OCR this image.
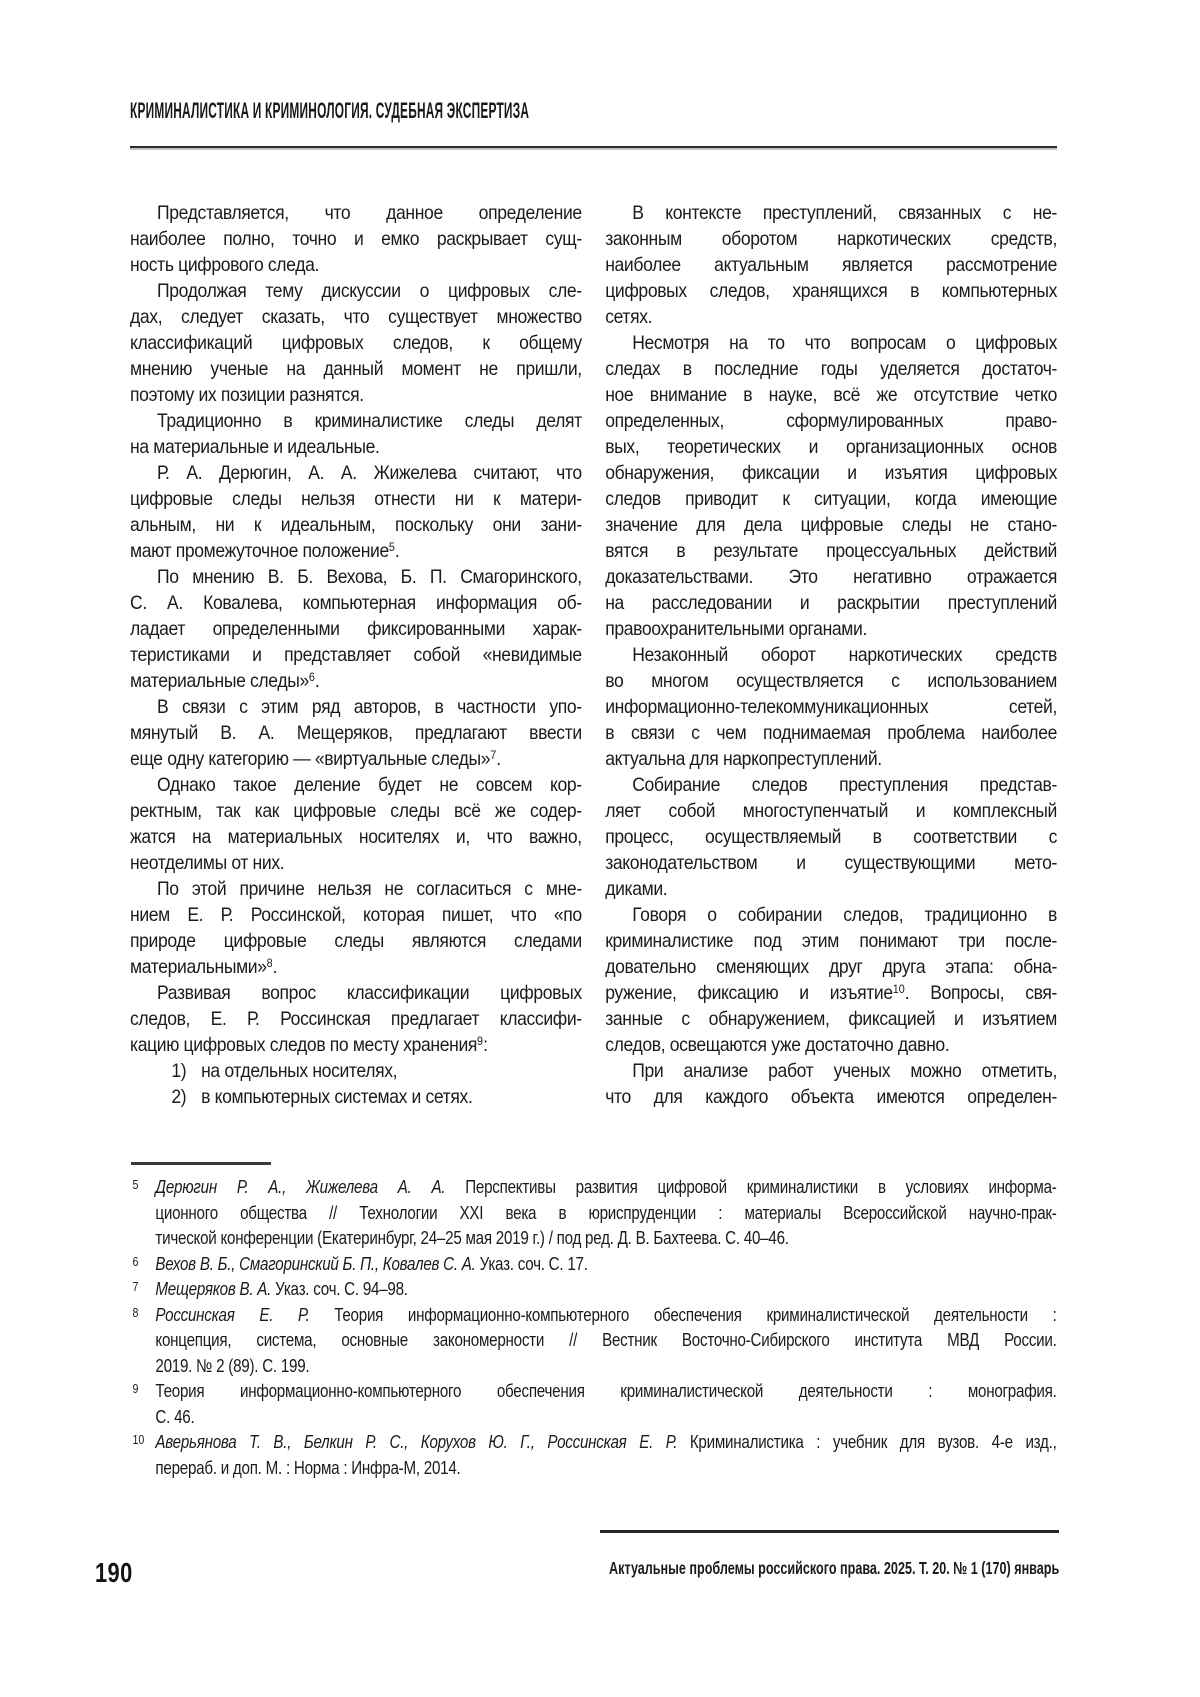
КРИМИНАЛИСТИКА И КРИМИНОЛОГИЯ. СУДЕБНАЯ ЭКСПЕРТИЗА
Представляется, что данное определение
наиболее полно, точно и емко раскрывает сущ-
ность цифрового следа.
Продолжая тему дискуссии о цифровых сле-
дах, следует сказать, что существует множество
классификаций цифровых следов, к общему
мнению ученые на данный момент не пришли,
поэтому их позиции разнятся.
Традиционно в криминалистике следы делят
на материальные и идеальные.
Р. А. Дерюгин, А. А. Жижелева считают, что
цифровые следы нельзя отнести ни к матери-
альным, ни к идеальным, поскольку они зани-
мают промежуточное положение$^5$.
По мнению В. Б. Вехова, Б. П. Смагоринского,
С. А. Ковалева, компьютерная информация об-
ладает определенными фиксированными харак-
теристиками и представляет собой «невидимые
материальные следы»$^6$.
В связи с этим ряд авторов, в частности упо-
мянутый В. А. Мещеряков, предлагают ввести
еще одну категорию — «виртуальные следы»$^7$.
Однако такое деление будет не совсем кор-
ректным, так как цифровые следы всё же содер-
жатся на материальных носителях и, что важно,
неотделимы от них.
По этой причине нельзя не согласиться с мне-
нием Е. Р. Россинской, которая пишет, что «по
природе цифровые следы являются следами
материальными»$^8$.
Развивая вопрос классификации цифровых
следов, Е. Р. Россинская предлагает классифи-
кацию цифровых следов по месту хранения$^9$:
1) на отдельных носителях,
2) в компьютерных системах и сетях.
В контексте преступлений, связанных с не-
законным оборотом наркотических средств,
наиболее актуальным является рассмотрение
цифровых следов, хранящихся в компьютерных
сетях.
Несмотря на то что вопросам о цифровых
следах в последние годы уделяется достаточ-
ное внимание в науке, всё же отсутствие четко
определенных, сформулированных право-
вых, теоретических и организационных основ
обнаружения, фиксации и изъятия цифровых
следов приводит к ситуации, когда имеющие
значение для дела цифровые следы не стано-
вятся в результате процессуальных действий
доказательствами. Это негативно отражается
на расследовании и раскрытии преступлений
правоохранительными органами.
Незаконный оборот наркотических средств
во многом осуществляется с использованием
информационно-телекоммуникационных сетей,
в связи с чем поднимаемая проблема наиболее
актуальна для наркопреступлений.
Собирание следов преступления представ-
ляет собой многоступенчатый и комплексный
процесс, осуществляемый в соответствии с
законодательством и существующими мето-
диками.
Говоря о собирании следов, традиционно в
криминалистике под этим понимают три после-
довательно сменяющих друг друга этапа: обна-
ружение, фиксацию и изъятие$^{10}$. Вопросы, свя-
занные с обнаружением, фиксацией и изъятием
следов, освещаются уже достаточно давно.
При анализе работ ученых можно отметить,
что для каждого объекта имеются определен-
5 Дерюгин Р. А., Жижелева А. А. Перспективы развития цифровой криминалистики в условиях информа-
ционного общества // Технологии XXI века в юриспруденции : материалы Всероссийской научно-прак-
тической конференции (Екатеринбург, 24–25 мая 2019 г.) / под ред. Д. В. Бахтеева. С. 40–46.
6 Вехов В. Б., Смагоринский Б. П., Ковалев С. А. Указ. соч. С. 17.
7 Мещеряков В. А. Указ. соч. С. 94–98.
8 Россинская Е. Р. Теория информационно-компьютерного обеспечения криминалистической деятельности :
концепция, система, основные закономерности // Вестник Восточно-Сибирского института МВД России.
2019. № 2 (89). С. 199.
9 Теория информационно-компьютерного обеспечения криминалистической деятельности : монография.
С. 46.
10 Аверьянова Т. В., Белкин Р. С., Корухов Ю. Г., Россинская Е. Р. Криминалистика : учебник для вузов. 4-е изд.,
перераб. и доп. М. : Норма : Инфра-М, 2014.
Актуальные проблемы российского права. 2025. Т. 20. № 1 (170) январь
190
